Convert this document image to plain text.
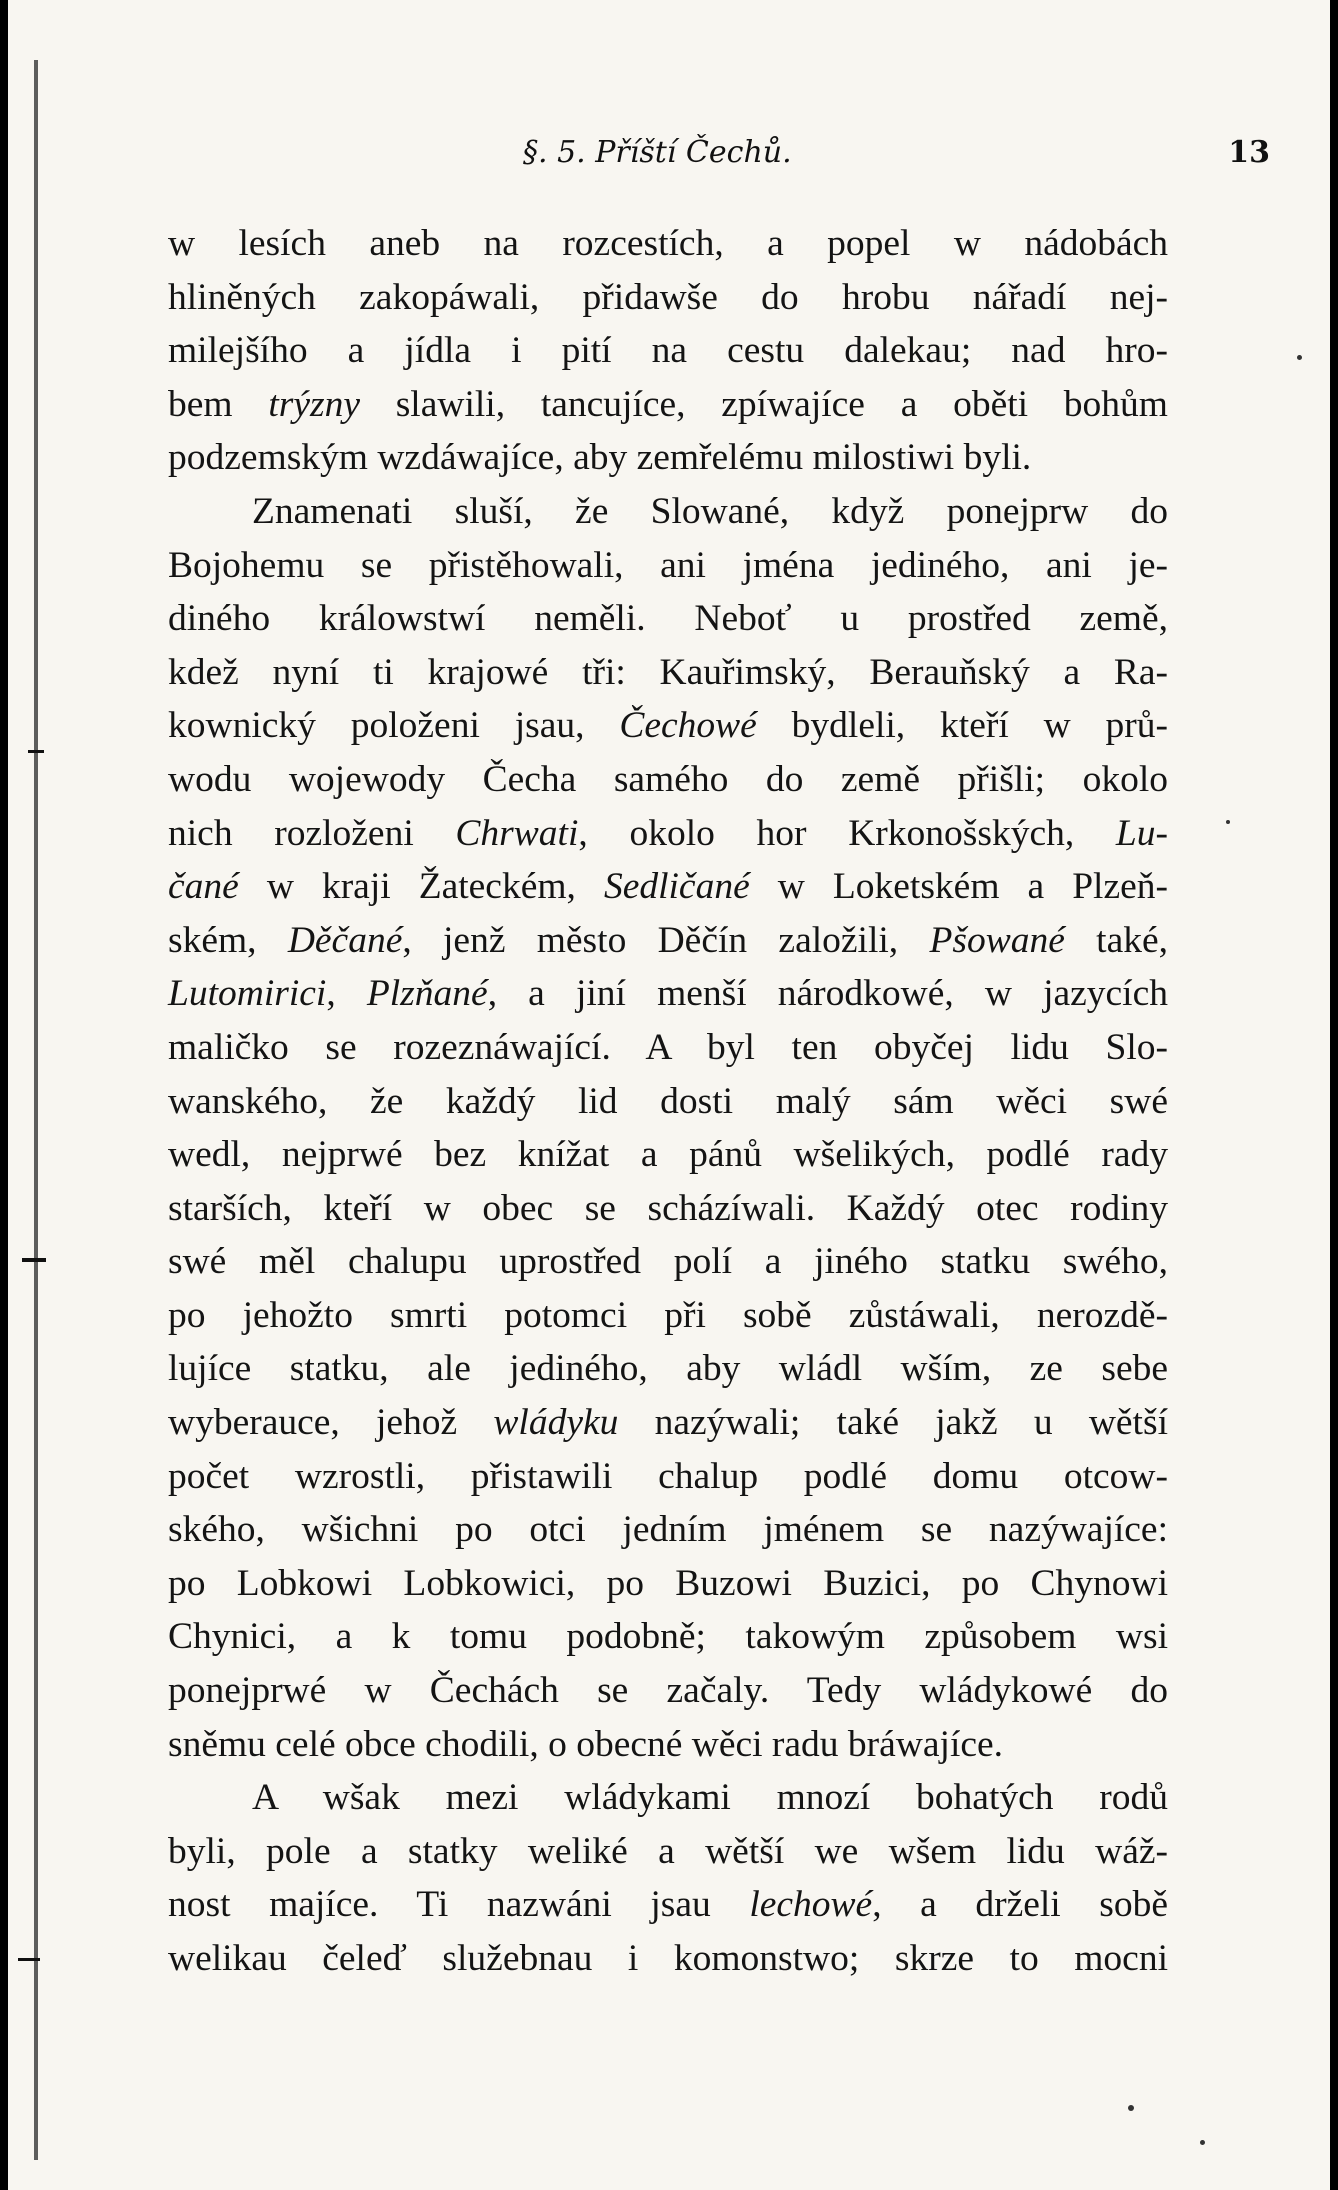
§. 5. Příští Čechů.	13
w lesích aneb na rozcestích, a popel w nádobách
hliněných zakopáwali, přidawše do hrobu nářadí nej-
milejšího a jídla i pití na cestu dalekau; nad hro-
bem trýzny slawili, tancujíce, zpíwajíce a oběti bohům
podzemským wzdáwajíce, aby zemřelému milostiwi byli.
Znamenati sluší, že Slowané, když ponejprw do
Bojohemu se přistěhowali, ani jména jediného, ani je-
diného králowstwí neměli. Neboť u prostřed země,
kdež nyní ti krajowé tři: Kauřimský, Berauňský a Ra-
kownický položeni jsau, Čechowé bydleli, kteří w prů-
wodu wojewody Čecha samého do země přišli; okolo
nich rozloženi Chrwati, okolo hor Krkonošských, Lu-
čané w kraji Žateckém, Sedličané w Loketském a Plzeň-
ském, Děčané, jenž město Děčín založili, Pšowané také,
Lutomirici, Plzňané, a jiní menší národkowé, w jazycích
maličko se rozeznáwající. A byl ten obyčej lidu Slo-
wanského, že každý lid dosti malý sám wěci swé
wedl, nejprwé bez knížat a pánů wšelikých, podlé rady
starších, kteří w obec se scházíwali. Každý otec rodiny
swé měl chalupu uprostřed polí a jiného statku swého,
po jehožto smrti potomci při sobě zůstáwali, nerozdě-
lujíce statku, ale jediného, aby wládl wším, ze sebe
wyberauce, jehož wládyku nazýwali; také jakž u wětší
počet wzrostli, přistawili chalup podlé domu otcow-
ského, wšichni po otci jedním jménem se nazýwajíce:
po Lobkowi Lobkowici, po Buzowi Buzici, po Chynowi
Chynici, a k tomu podobně; takowým způsobem wsi
ponejprwé w Čechách se začaly. Tedy wládykowé do
sněmu celé obce chodili, o obecné wěci radu bráwajíce.
A wšak mezi wládykami mnozí bohatých rodů
byli, pole a statky weliké a wětší we wšem lidu wáž-
nost majíce. Ti nazwáni jsau lechowé, a drželi sobě
welikau čeleď služebnau i komonstwo; skrze to mocni
